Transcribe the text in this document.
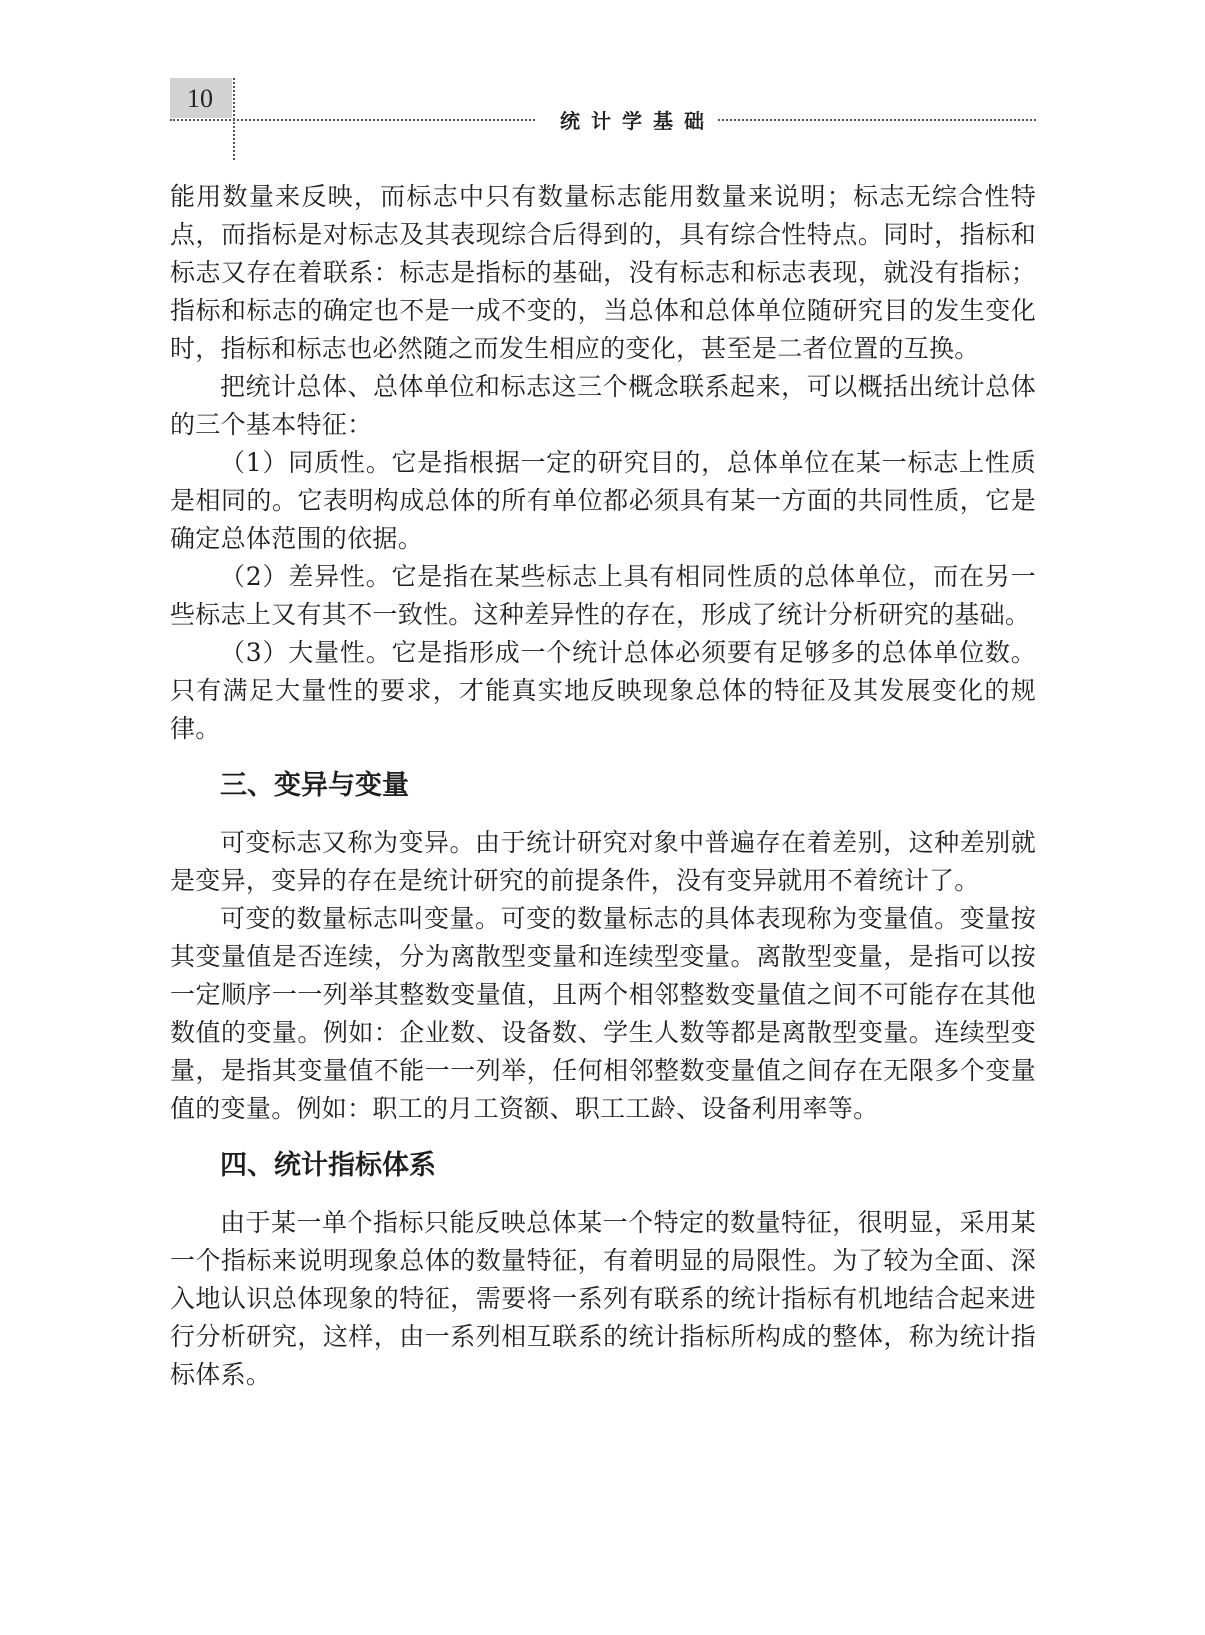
10
统计学基础

能用数量来反映，而标志中只有数量标志能用数量来说明；标志无综合性特点，而指标是对标志及其表现综合后得到的，具有综合性特点。同时，指标和标志又存在着联系：标志是指标的基础，没有标志和标志表现，就没有指标；指标和标志的确定也不是一成不变的，当总体和总体单位随研究目的发生变化时，指标和标志也必然随之而发生相应的变化，甚至是二者位置的互换。

把统计总体、总体单位和标志这三个概念联系起来，可以概括出统计总体的三个基本特征：

（1）同质性。它是指根据一定的研究目的，总体单位在某一标志上性质是相同的。它表明构成总体的所有单位都必须具有某一方面的共同性质，它是确定总体范围的依据。

（2）差异性。它是指在某些标志上具有相同性质的总体单位，而在另一些标志上又有其不一致性。这种差异性的存在，形成了统计分析研究的基础。

（3）大量性。它是指形成一个统计总体必须要有足够多的总体单位数。只有满足大量性的要求，才能真实地反映现象总体的特征及其发展变化的规律。

三、变异与变量

可变标志又称为变异。由于统计研究对象中普遍存在着差别，这种差别就是变异，变异的存在是统计研究的前提条件，没有变异就用不着统计了。

可变的数量标志叫变量。可变的数量标志的具体表现称为变量值。变量按其变量值是否连续，分为离散型变量和连续型变量。离散型变量，是指可以按一定顺序一一列举其整数变量值，且两个相邻整数变量值之间不可能存在其他数值的变量。例如：企业数、设备数、学生人数等都是离散型变量。连续型变量，是指其变量值不能一一列举，任何相邻整数变量值之间存在无限多个变量值的变量。例如：职工的月工资额、职工工龄、设备利用率等。

四、统计指标体系

由于某一单个指标只能反映总体某一个特定的数量特征，很明显，采用某一个指标来说明现象总体的数量特征，有着明显的局限性。为了较为全面、深入地认识总体现象的特征，需要将一系列有联系的统计指标有机地结合起来进行分析研究，这样，由一系列相互联系的统计指标所构成的整体，称为统计指标体系。
